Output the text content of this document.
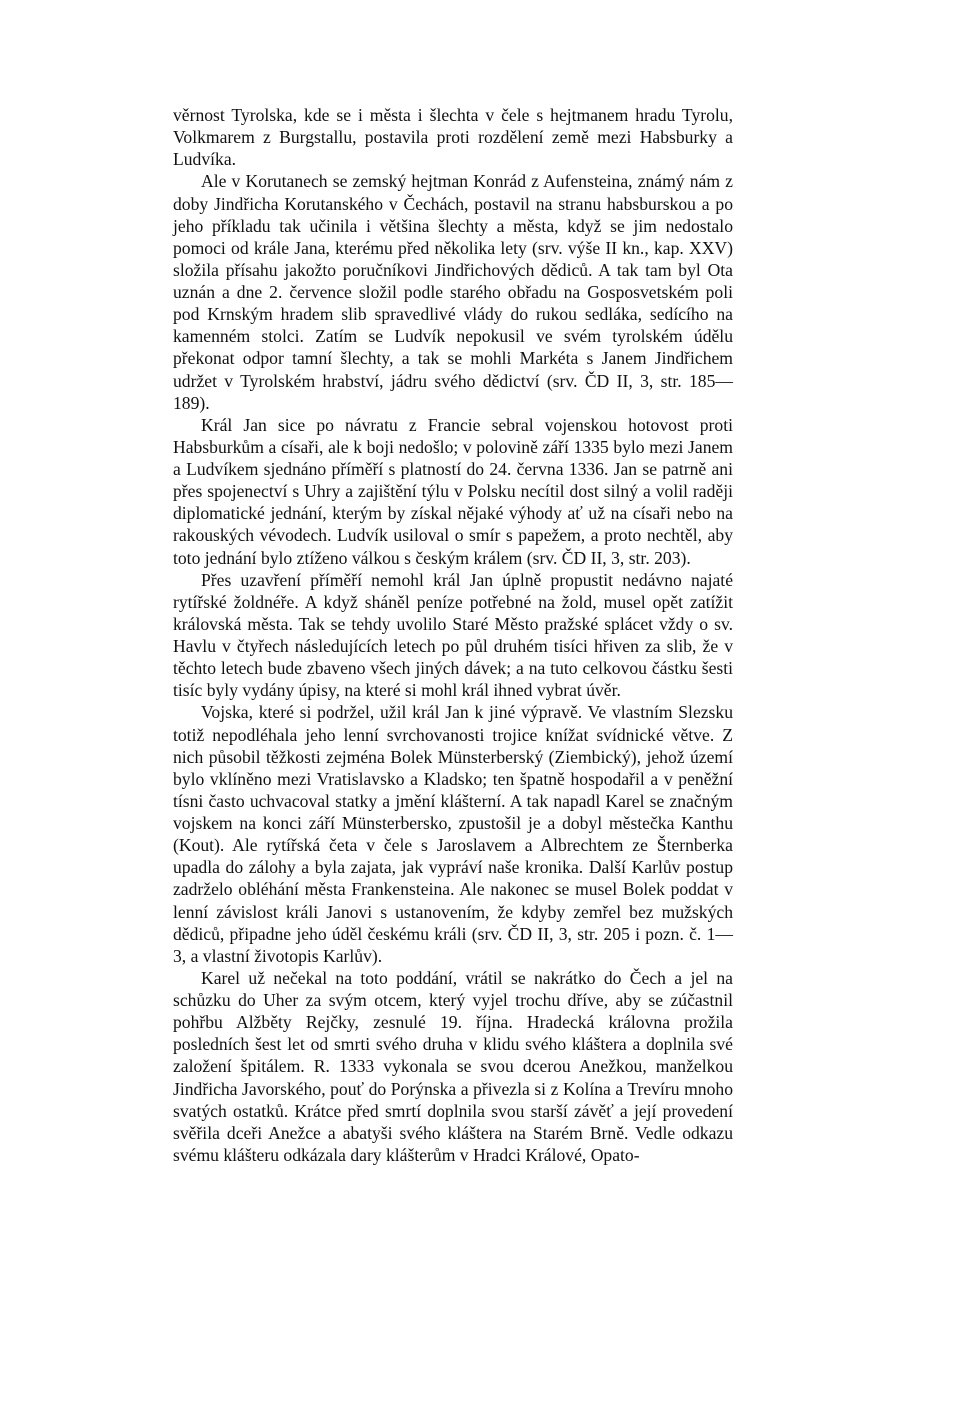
věrnost Tyrolska, kde se i města i šlechta v čele s hejtmanem hradu Tyrolu, Volkmarem z Burgstallu, postavila proti rozdělení země mezi Habsburky a Ludvíka.

Ale v Korutanech se zemský hejtman Konrád z Aufensteina, známý nám z doby Jindřicha Korutanského v Čechách, postavil na stranu habsburskou a po jeho příkladu tak učinila i většina šlechty a města, když se jim nedostalo pomoci od krále Jana, kterému před několika lety (srv. výše II kn., kap. XXV) složila přísahu jakožto poručníkovi Jindřichových dědiců. A tak tam byl Ota uznán a dne 2. července složil podle starého obřadu na Gosposvetském poli pod Krnským hradem slib spravedlivé vlády do rukou sedláka, sedícího na kamenném stolci. Zatím se Ludvík nepokusil ve svém tyrolském údělu překonat odpor tamní šlechty, a tak se mohli Markéta s Janem Jindřichem udržet v Tyrolském hrabství, jádru svého dědictví (srv. ČD II, 3, str. 185—189).

Král Jan sice po návratu z Francie sebral vojenskou hotovost proti Habsburkům a císaři, ale k boji nedošlo; v polovině září 1335 bylo mezi Janem a Ludvíkem sjednáno příměří s platností do 24. června 1336. Jan se patrně ani přes spojenectví s Uhry a zajištění týlu v Polsku necítil dost silný a volil raději diplomatické jednání, kterým by získal nějaké výhody ať už na císaři nebo na rakouských vévodech. Ludvík usiloval o smír s papežem, a proto nechtěl, aby toto jednání bylo ztíženo válkou s českým králem (srv. ČD II, 3, str. 203).

Přes uzavření příměří nemohl král Jan úplně propustit nedávno najaté rytířské žoldnéře. A když sháněl peníze potřebné na žold, musel opět zatížit královská města. Tak se tehdy uvolilo Staré Město pražské splácet vždy o sv. Havlu v čtyřech následujících letech po půl druhém tisíci hřiven za slib, že v těchto letech bude zbaveno všech jiných dávek; a na tuto celkovou částku šesti tisíc byly vydány úpisy, na které si mohl král ihned vybrat úvěr.

Vojska, které si podržel, užil král Jan k jiné výpravě. Ve vlastním Slezsku totiž nepodléhala jeho lenní svrchovanosti trojice knížat svídnické větve. Z nich působil těžkosti zejména Bolek Münsterberský (Ziembický), jehož území bylo vklíněno mezi Vratislavsko a Kladsko; ten špatně hospodařil a v peněžní tísni často uchvacoval statky a jmění klášterní. A tak napadl Karel se značným vojskem na konci září Münsterbersko, zpustošil je a dobyl městečka Kanthu (Kout). Ale rytířská četa v čele s Jaroslavem a Albrechtem ze Šternberka upadla do zálohy a byla zajata, jak vypráví naše kronika. Další Karlův postup zadrželo obléhání města Frankensteina. Ale nakonec se musel Bolek poddat v lenní závislost králi Janovi s ustanovením, že kdyby zemřel bez mužských dědiců, připadne jeho úděl českému králi (srv. ČD II, 3, str. 205 i pozn. č. 1—3, a vlastní životopis Karlův).

Karel už nečekal na toto poddání, vrátil se nakrátko do Čech a jel na schůzku do Uher za svým otcem, který vyjel trochu dříve, aby se zúčastnil pohřbu Alžběty Rejčky, zesnulé 19. října. Hradecká královna prožila posledních šest let od smrti svého druha v klidu svého kláštera a doplnila své založení špitálem. R. 1333 vykonala se svou dcerou Anežkou, manželkou Jindřicha Javorského, pouť do Porýnska a přivezla si z Kolína a Trevíru mnoho svatých ostatků. Krátce před smrtí doplnila svou starší závěť a její provedení svěřila dceři Anežce a abatyši svého kláštera na Starém Brně. Vedle odkazu svému klášteru odkázala dary klášterům v Hradci Králové, Opato-
